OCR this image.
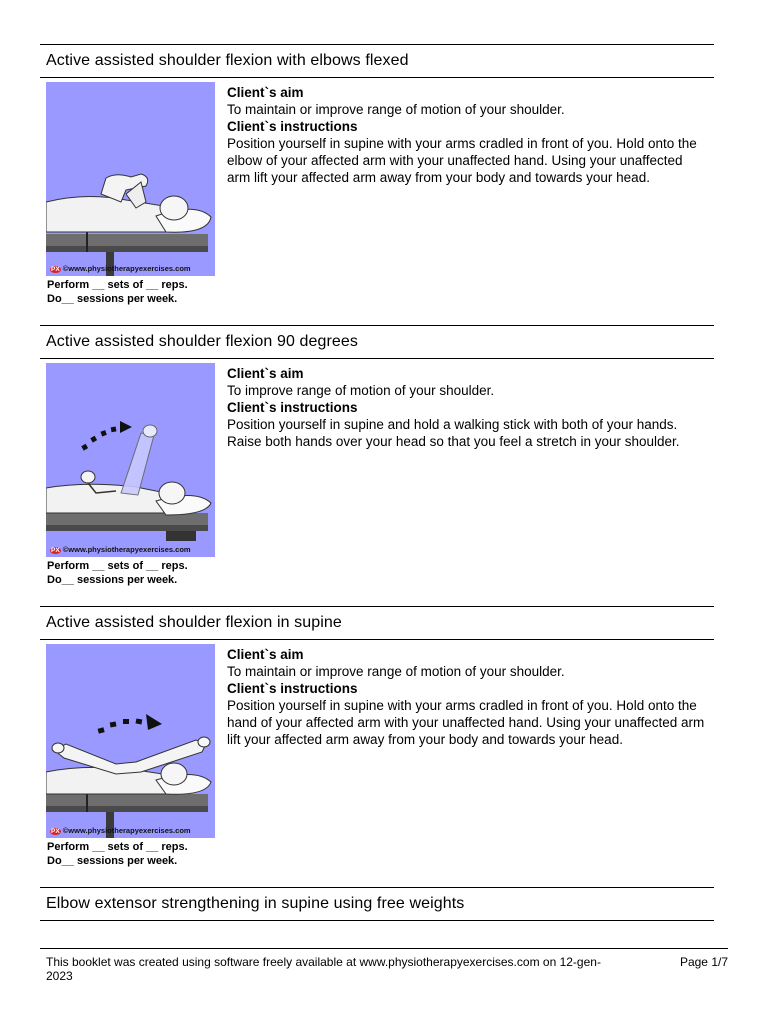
Active assisted shoulder flexion with elbows flexed
PX ©www.physiotherapyexercises.com
Perform __ sets of __ reps.
Do__ sessions per week.
Client`s aim
To maintain or improve range of motion of your shoulder.
Client`s instructions
Position yourself in supine with your arms cradled in front of you. Hold onto the elbow of your affected arm with your unaffected hand. Using your unaffected arm lift your affected arm away from your body and towards your head.
Active assisted shoulder flexion 90 degrees
PX ©www.physiotherapyexercises.com
Perform __ sets of __ reps.
Do__ sessions per week.
Client`s aim
To improve range of motion of your shoulder.
Client`s instructions
Position yourself in supine and hold a walking stick with both of your hands. Raise both hands over your head so that you feel a stretch in your shoulder.
Active assisted shoulder flexion in supine
PX ©www.physiotherapyexercises.com
Perform __ sets of __ reps.
Do__ sessions per week.
Client`s aim
To maintain or improve range of motion of your shoulder.
Client`s instructions
Position yourself in supine with your arms cradled in front of you. Hold onto the hand of your affected arm with your unaffected hand. Using your unaffected arm lift your affected arm away from your body and towards your head.
Elbow extensor strengthening in supine using free weights
This booklet was created using software freely available at www.physiotherapyexercises.com on 12-gen-2023
Page 1/7
